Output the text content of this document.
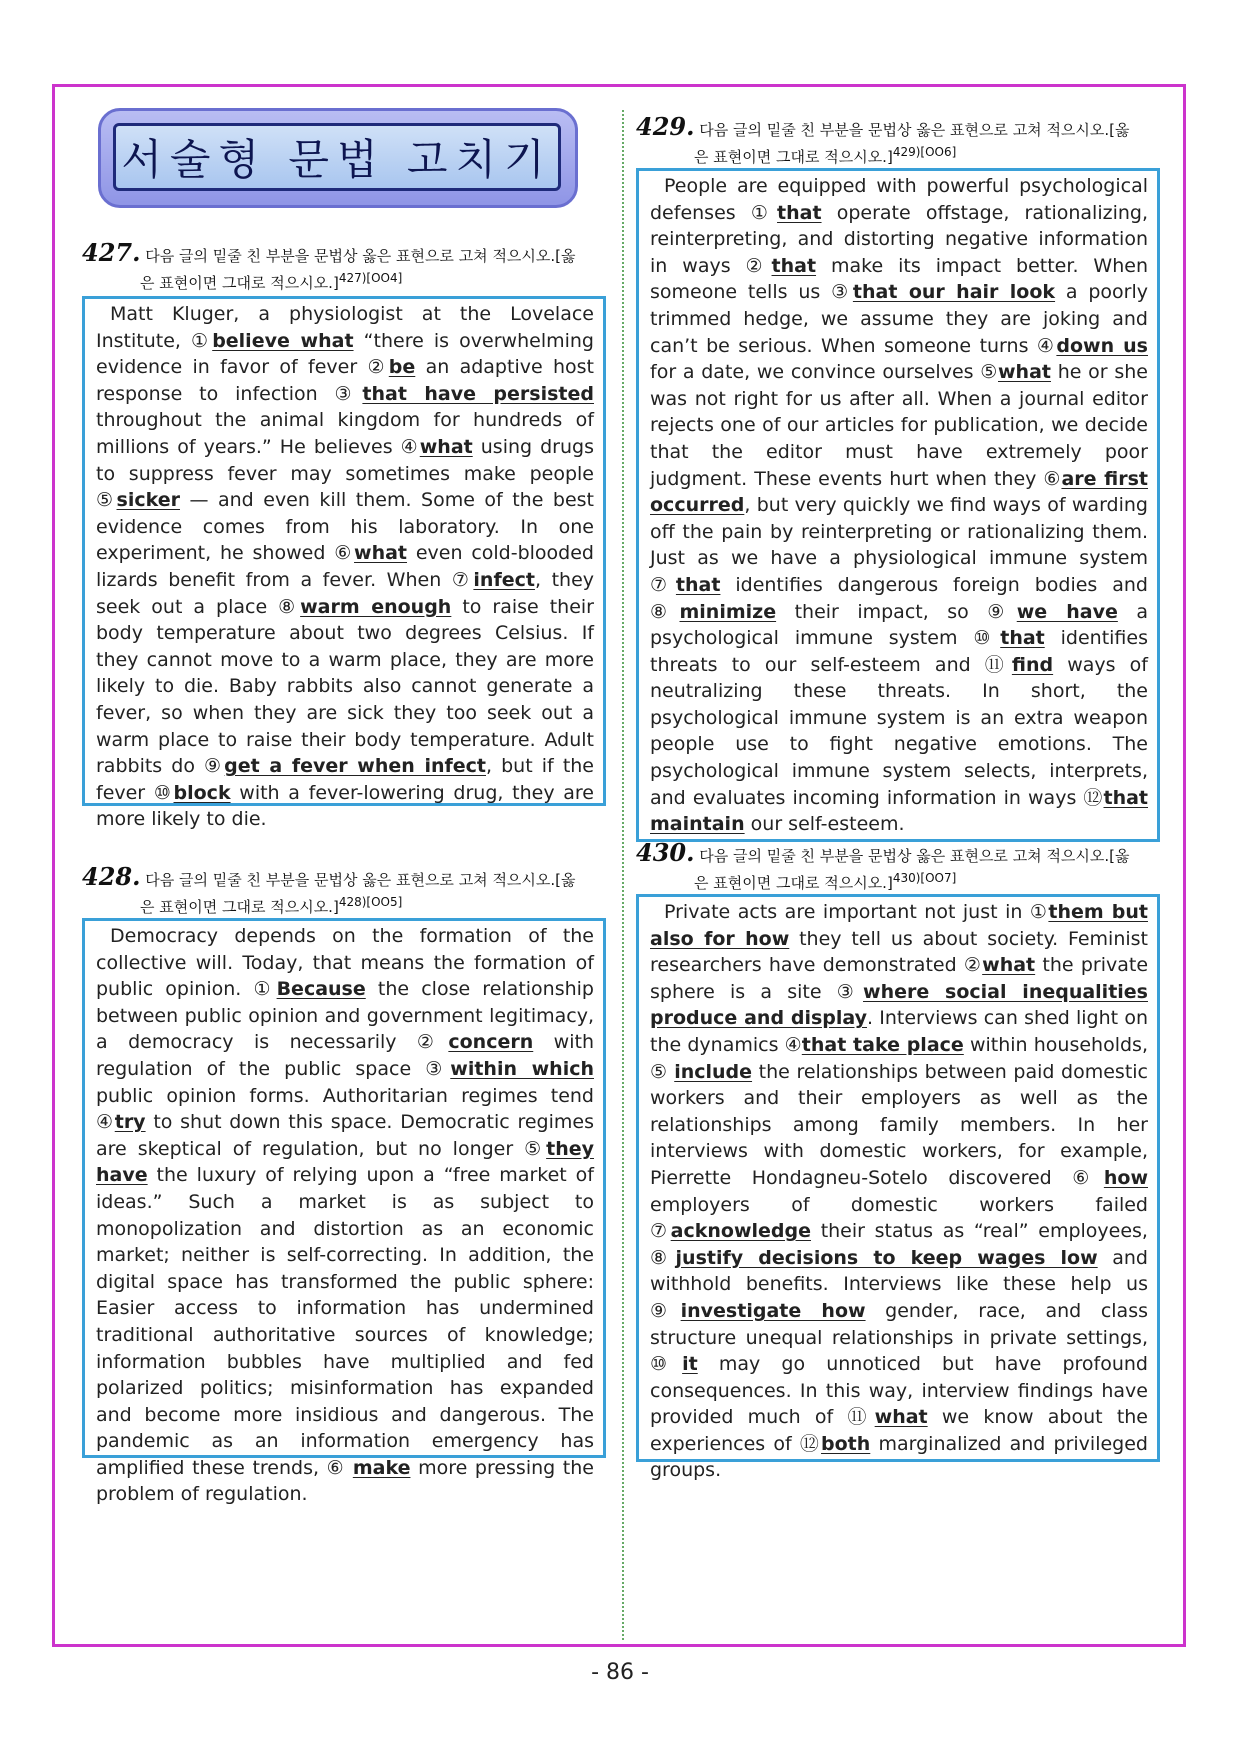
서술형 문법 고치기
427. 다음 글의 밑줄 친 부분을 문법상 옳은 표현으로 고쳐 적으시오.[옳
은 표현이면 그대로 적으시오.]$^{427)[OO4]}$

Matt Kluger, a physiologist at the Lovelace Institute, ①believe what “there is overwhelming evidence in favor of fever ②be an adaptive host response to infection ③that have persisted throughout the animal kingdom for hundreds of millions of years.” He believes ④what using drugs to suppress fever may sometimes make people ⑤sicker — and even kill them. Some of the best evidence comes from his laboratory. In one experiment, he showed ⑥what even cold-blooded lizards benefit from a fever. When ⑦infect, they seek out a place ⑧warm enough to raise their body temperature about two degrees Celsius. If they cannot move to a warm place, they are more likely to die. Baby rabbits also cannot generate a fever, so when they are sick they too seek out a warm place to raise their body temperature. Adult rabbits do ⑨get a fever when infect, but if the fever ⑩block with a fever-lowering drug, they are more likely to die.

428. 다음 글의 밑줄 친 부분을 문법상 옳은 표현으로 고쳐 적으시오.[옳
은 표현이면 그대로 적으시오.]$^{428)[OO5]}$

Democracy depends on the formation of the collective will. Today, that means the formation of public opinion. ①Because the close relationship between public opinion and government legitimacy, a democracy is necessarily ②concern with regulation of the public space ③within which public opinion forms. Authoritarian regimes tend ④try to shut down this space. Democratic regimes are skeptical of regulation, but no longer ⑤they have the luxury of relying upon a “free market of ideas.” Such a market is as subject to monopolization and distortion as an economic market; neither is self-correcting. In addition, the digital space has transformed the public sphere: Easier access to information has undermined traditional authoritative sources of knowledge; information bubbles have multiplied and fed polarized politics; misinformation has expanded and become more insidious and dangerous. The pandemic as an information emergency has amplified these trends, ⑥ make more pressing the problem of regulation.

429. 다음 글의 밑줄 친 부분을 문법상 옳은 표현으로 고쳐 적으시오.[옳
은 표현이면 그대로 적으시오.]$^{429)[OO6]}$

People are equipped with powerful psychological defenses ①that operate offstage, rationalizing, reinterpreting, and distorting negative information in ways ②that make its impact better. When someone tells us ③that our hair look a poorly trimmed hedge, we assume they are joking and can’t be serious. When someone turns ④down us for a date, we convince ourselves ⑤what he or she was not right for us after all. When a journal editor rejects one of our articles for publication, we decide that the editor must have extremely poor judgment. These events hurt when they ⑥are first occurred, but very quickly we find ways of warding off the pain by reinterpreting or rationalizing them. Just as we have a physiological immune system ⑦that identifies dangerous foreign bodies and ⑧minimize their impact, so ⑨we have a psychological immune system ⑩that identifies threats to our self-esteem and ⑪find ways of neutralizing these threats. In short, the psychological immune system is an extra weapon people use to fight negative emotions. The psychological immune system selects, interprets, and evaluates incoming information in ways ⑫that maintain our self-esteem.

430. 다음 글의 밑줄 친 부분을 문법상 옳은 표현으로 고쳐 적으시오.[옳
은 표현이면 그대로 적으시오.]$^{430)[OO7]}$

Private acts are important not just in ①them but also for how they tell us about society. Feminist researchers have demonstrated ②what the private sphere is a site ③where social inequalities produce and display. Interviews can shed light on the dynamics ④that take place within households, ⑤ include the relationships between paid domestic workers and their employers as well as the relationships among family members. In her interviews with domestic workers, for example, Pierrette Hondagneu-Sotelo discovered ⑥how employers of domestic workers failed ⑦acknowledge their status as “real” employees, ⑧justify decisions to keep wages low and withhold benefits. Interviews like these help us ⑨investigate how gender, race, and class structure unequal relationships in private settings, ⑩it may go unnoticed but have profound consequences. In this way, interview findings have provided much of ⑪what we know about the experiences of ⑫both marginalized and privileged groups.

- 86 -
